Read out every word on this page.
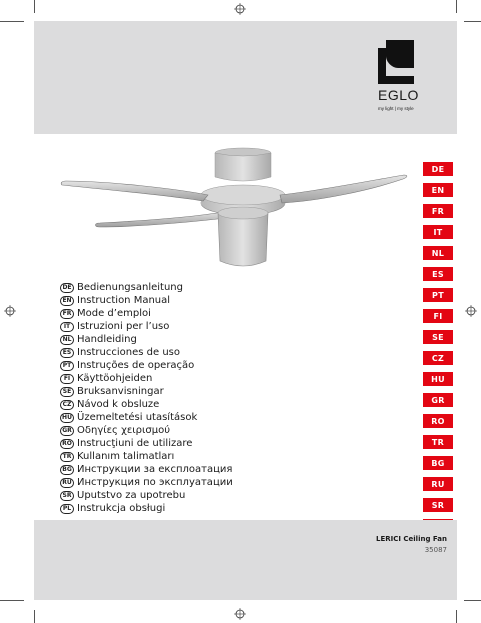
EGLO
my light | my style
DE Bedienungsanleitung
EN Instruction Manual
FR Mode d’emploi
IT Istruzioni per l’uso
NL Handleiding
ES Instrucciones de uso
PT Instruções de operação
FI Käyttöohjeiden
SE Bruksanvisningar
CZ Návod k obsluze
HU Üzemeltetési utasítások
GR Οδηγίες χειρισμού
RO Instrucţiuni de utilizare
TR Kullanım talimatları
BG Инструкции за експлоатация
RU Инструкция по эксплуатации
SR Uputstvo za upotrebu
PL Instrukcja obsługi
DE
EN
FR
IT
NL
ES
PT
FI
SE
CZ
HU
GR
RO
TR
BG
RU
SR
LERICI Ceiling Fan
35087
